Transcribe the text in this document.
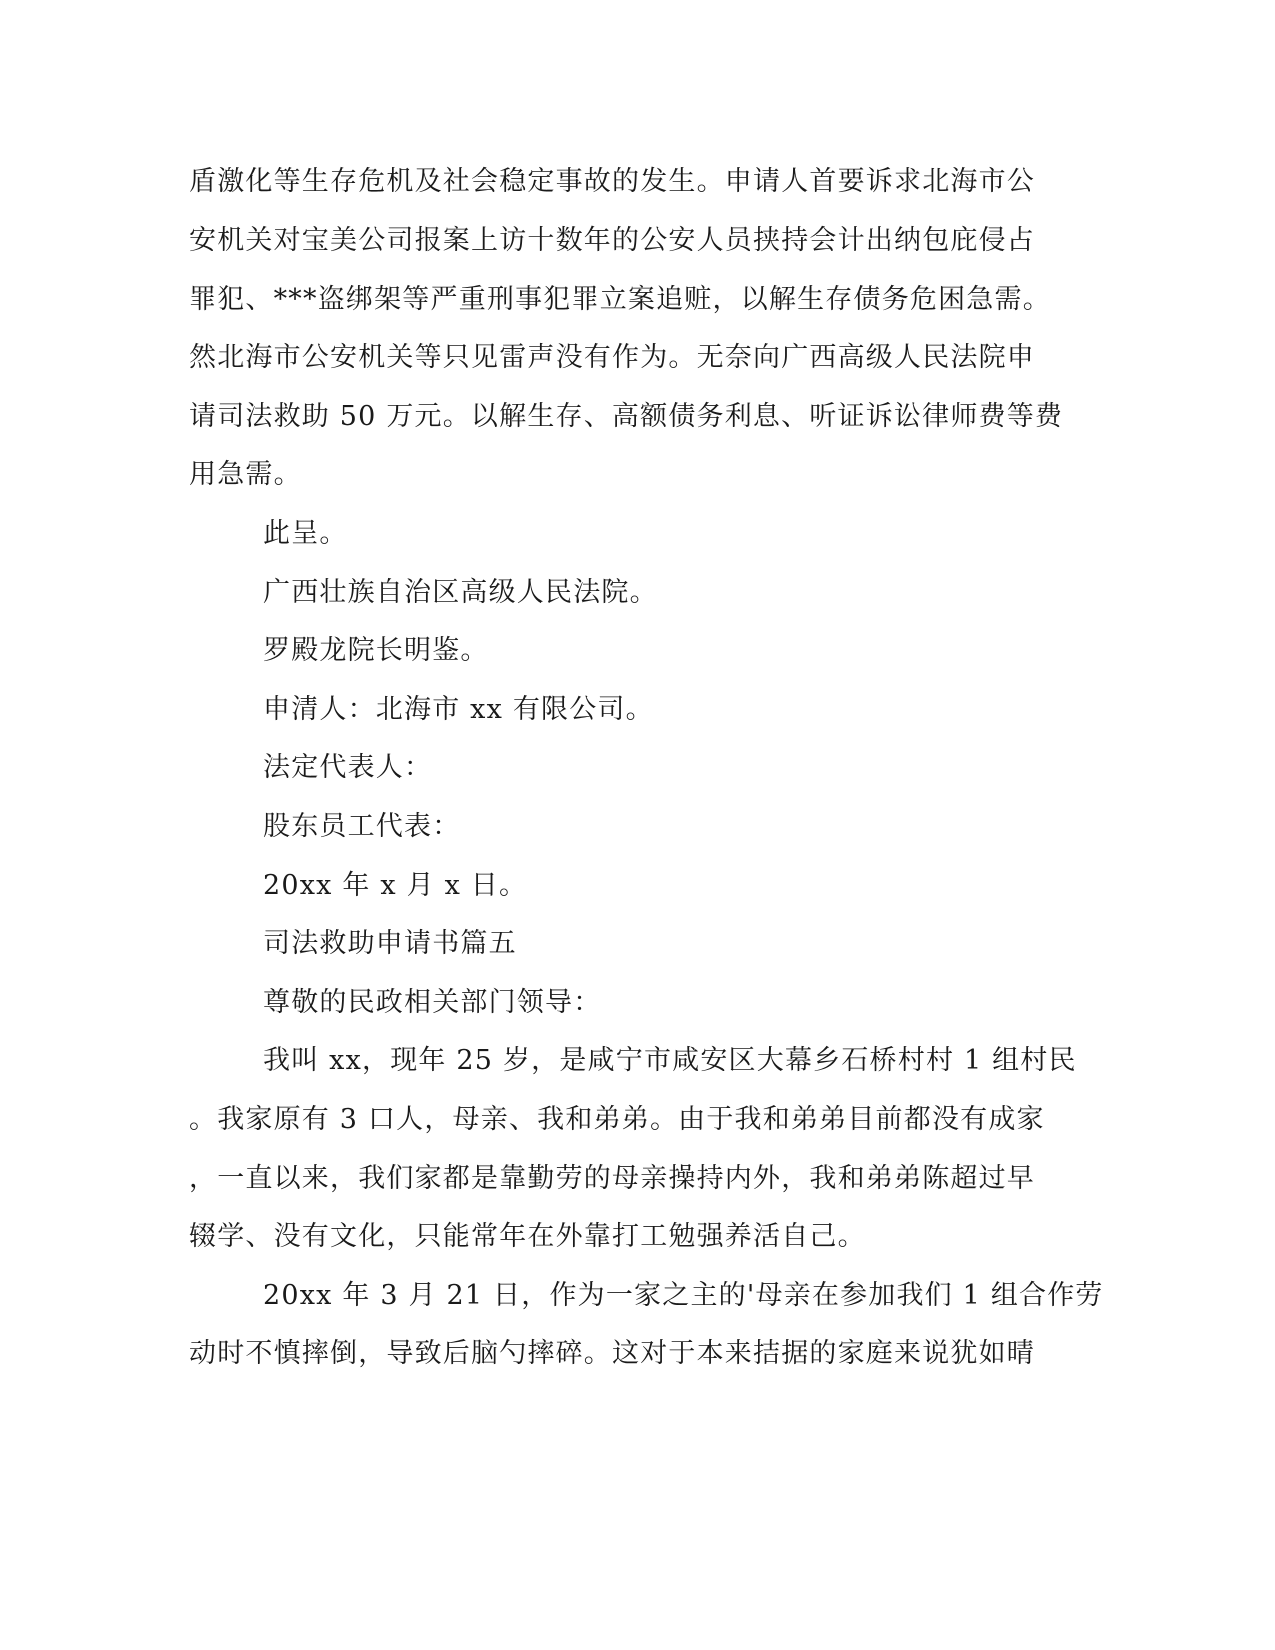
盾激化等生存危机及社会稳定事故的发生。申请人首要诉求北海市公
安机关对宝美公司报案上访十数年的公安人员挟持会计出纳包庇侵占
罪犯、***盗绑架等严重刑事犯罪立案追赃，以解生存债务危困急需。
然北海市公安机关等只见雷声没有作为。无奈向广西高级人民法院申
请司法救助 50 万元。以解生存、高额债务利息、听证诉讼律师费等费
用急需。
此呈。
广西壮族自治区高级人民法院。
罗殿龙院长明鉴。
申清人：北海市 xx 有限公司。
法定代表人：
股东员工代表：
20xx 年 x 月 x 日。
司法救助申请书篇五
尊敬的民政相关部门领导：
我叫 xx，现年 25 岁，是咸宁市咸安区大幕乡石桥村村 1 组村民
。我家原有 3 口人，母亲、我和弟弟。由于我和弟弟目前都没有成家
，一直以来，我们家都是靠勤劳的母亲操持内外，我和弟弟陈超过早
辍学、没有文化，只能常年在外靠打工勉强养活自己。
20xx 年 3 月 21 日，作为一家之主的'母亲在参加我们 1 组合作劳
动时不慎摔倒，导致后脑勺摔碎。这对于本来拮据的家庭来说犹如晴
